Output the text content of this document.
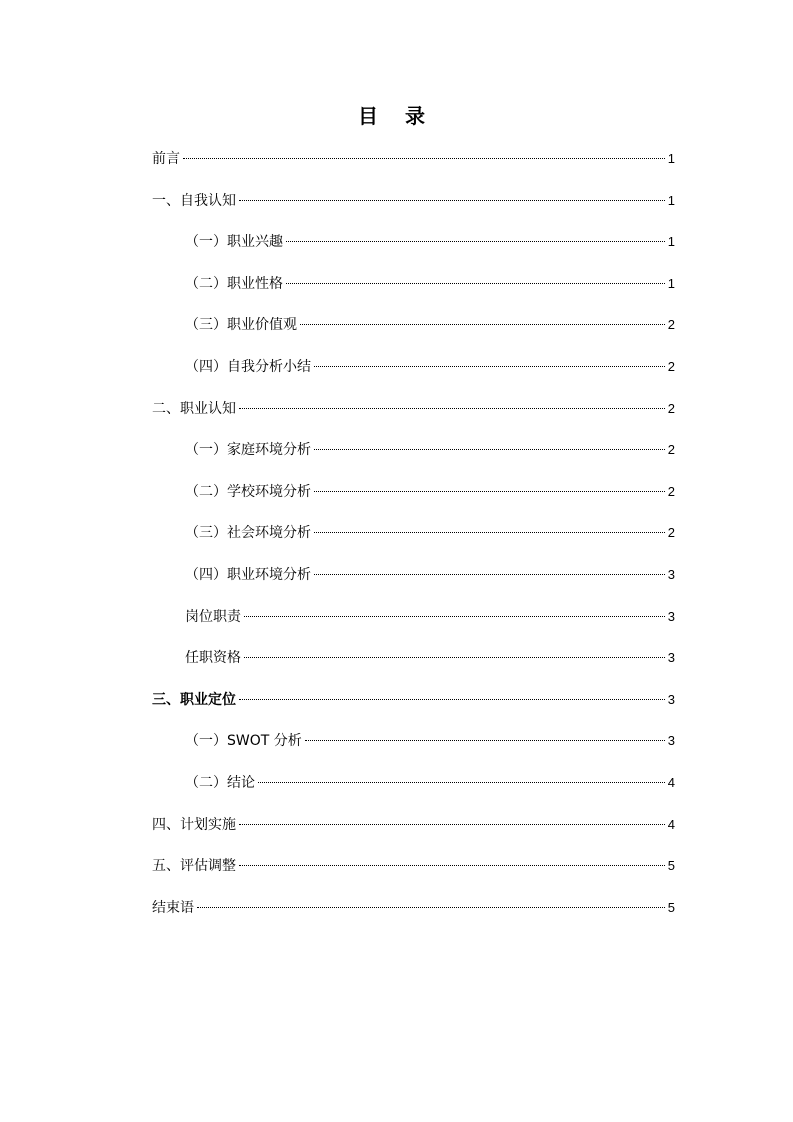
目 录
前言	1
一、自我认知	1
（一）职业兴趣	1
（二）职业性格	1
（三）职业价值观	2
（四）自我分析小结	2
二、职业认知	2
（一）家庭环境分析	2
（二）学校环境分析	2
（三）社会环境分析	2
（四）职业环境分析	3
岗位职责	3
任职资格	3
三、职业定位	3
（一）SWOT 分析	3
（二）结论	4
四、计划实施	4
五、评估调整	5
结束语	5
